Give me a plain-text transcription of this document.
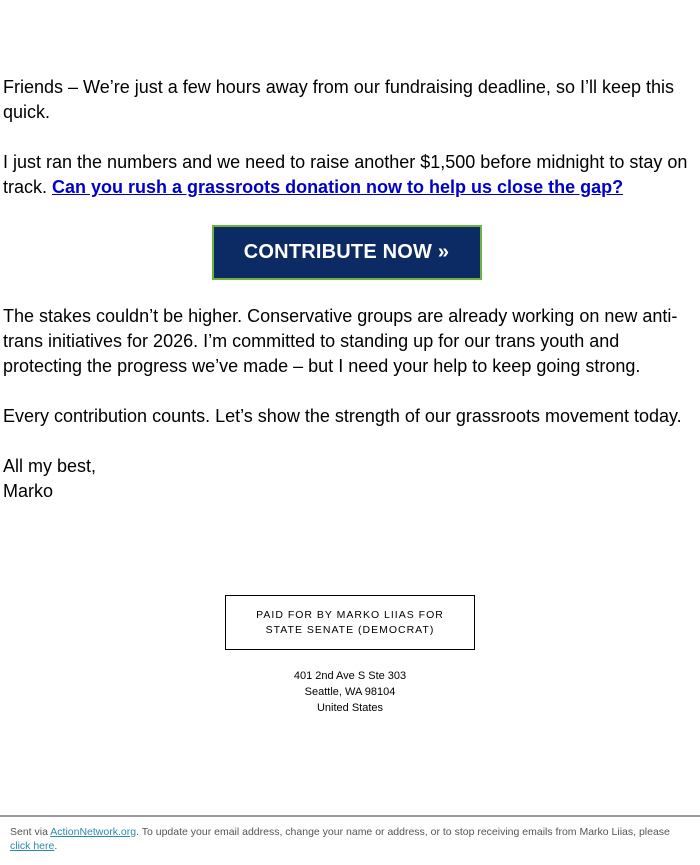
Friends – We’re just a few hours away from our fundraising deadline, so I’ll keep this quick.

I just ran the numbers and we need to raise another $1,500 before midnight to stay on track. Can you rush a grassroots donation now to help us close the gap?

CONTRIBUTE NOW »

The stakes couldn’t be higher. Conservative groups are already working on new anti-trans initiatives for 2026. I’m committed to standing up for our trans youth and protecting the progress we’ve made – but I need your help to keep going strong.

Every contribution counts. Let’s show the strength of our grassroots movement today.

All my best,

Marko

PAID FOR BY MARKO LIIAS FOR STATE SENATE (DEMOCRAT)
401 2nd Ave S Ste 303
Seattle, WA 98104
United States
Sent via ActionNetwork.org. To update your email address, change your name or address, or to stop receiving emails from Marko Liias, please click here.
